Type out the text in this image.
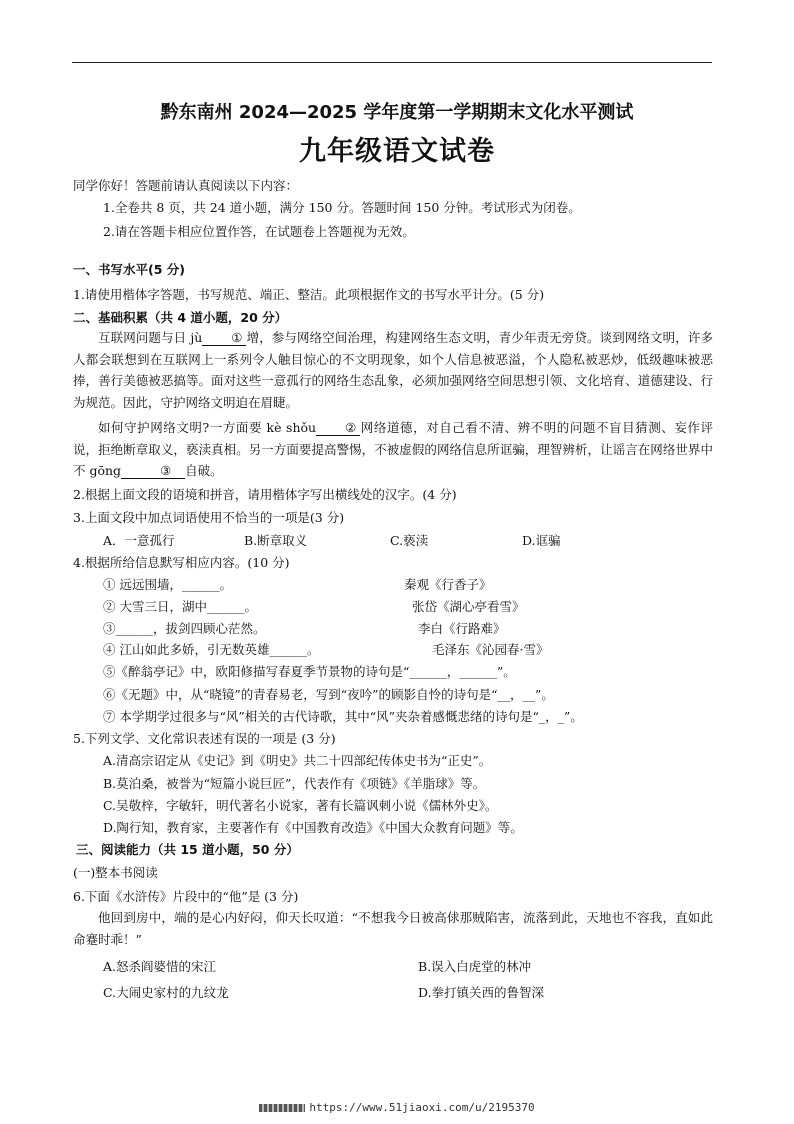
黔东南州 2024—2025 学年度第一学期期末文化水平测试
九年级语文试卷
同学你好！答题前请认真阅读以下内容：
1.全卷共 8 页，共 24 道小题，满分 150 分。答题时间 150 分钟。考试形式为闭卷。
2.请在答题卡相应位置作答，在试题卷上答题视为无效。
一、书写水平(5 分)
1.请使用楷体字答题，书写规范、端正、整洁。此项根据作文的书写水平计分。(5 分)
二、基础积累（共 4 道小题，20 分）
互联网问题与日 jù ① 增，参与网络空间治理，构建网络生态文明，青少年责无旁贷。谈到网络文明，许多人都会联想到在互联网上一系列令人触目惊心的不文明现象，如个人信息被恶溢，个人隐私被恶炒，低级趣味被恶捧，善行美德被恶搞等。面对这些一意孤行的网络生态乱象，必须加强网络空间思想引领、文化培育、道德建设、行为规范。因此，守护网络文明迫在眉睫。
如何守护网络文明?一方面要 kè shǒu ② 网络道德，对自己看不清、辨不明的问题不盲目猜测、妄作评说，拒绝断章取义，亵渎真相。另一方面要提高警惕，不被虚假的网络信息所诓骗，理智辨析，让谣言在网络世界中不 gōng	③ 自破。
2.根据上面文段的语境和拼音，请用楷体字写出横线处的汉字。(4 分)
3.上面文段中加点词语使用不恰当的一项是(3 分)
A．一意孤行	B.断章取义	C.亵渎	D.诓骗
4.根据所给信息默写相应内容。(10 分)
① 远远围墙，______。	秦观《行香子》
② 大雪三日，湖中______。	张岱《湖心亭看雪》
③______，拔剑四顾心茫然。	李白《行路难》
④ 江山如此多娇，引无数英雄______。	毛泽东《沁园春·雪》
⑤《醉翁亭记》中，欧阳修描写春夏季节景物的诗句是“______，______”。
⑥《无题》中，从“晓镜”的青春易老，写到“夜吟”的顾影自怜的诗句是“__，__”。
⑦ 本学期学过很多与“风”相关的古代诗歌，其中“风”夹杂着感慨悲绪的诗句是“_，_”。
5.下列文学、文化常识表述有误的一项是 (3 分)
A.清高宗诏定从《史记》到《明史》共二十四部纪传体史书为“正史”。
B.莫泊桑，被誉为“短篇小说巨匠”，代表作有《项链》《羊脂球》等。
C.吴敬梓，字敏轩，明代著名小说家，著有长篇讽刺小说《儒林外史》。
D.陶行知，教育家，主要著作有《中国教育改造》《中国大众教育问题》等。
三、阅读能力（共 15 道小题，50 分）
(一)整本书阅读
6.下面《水浒传》片段中的“他”是 (3 分)
他回到房中，端的是心内好闷，仰天长叹道：“不想我今日被高俅那贼陷害，流落到此，天地也不容我，直如此命蹇时乖！”
A.怒杀阎婆惜的宋江	B.误入白虎堂的林冲
C.大闹史家村的九纹龙	D.拳打镇关西的鲁智深
https://www.51jiaoxi.com/u/2195370
